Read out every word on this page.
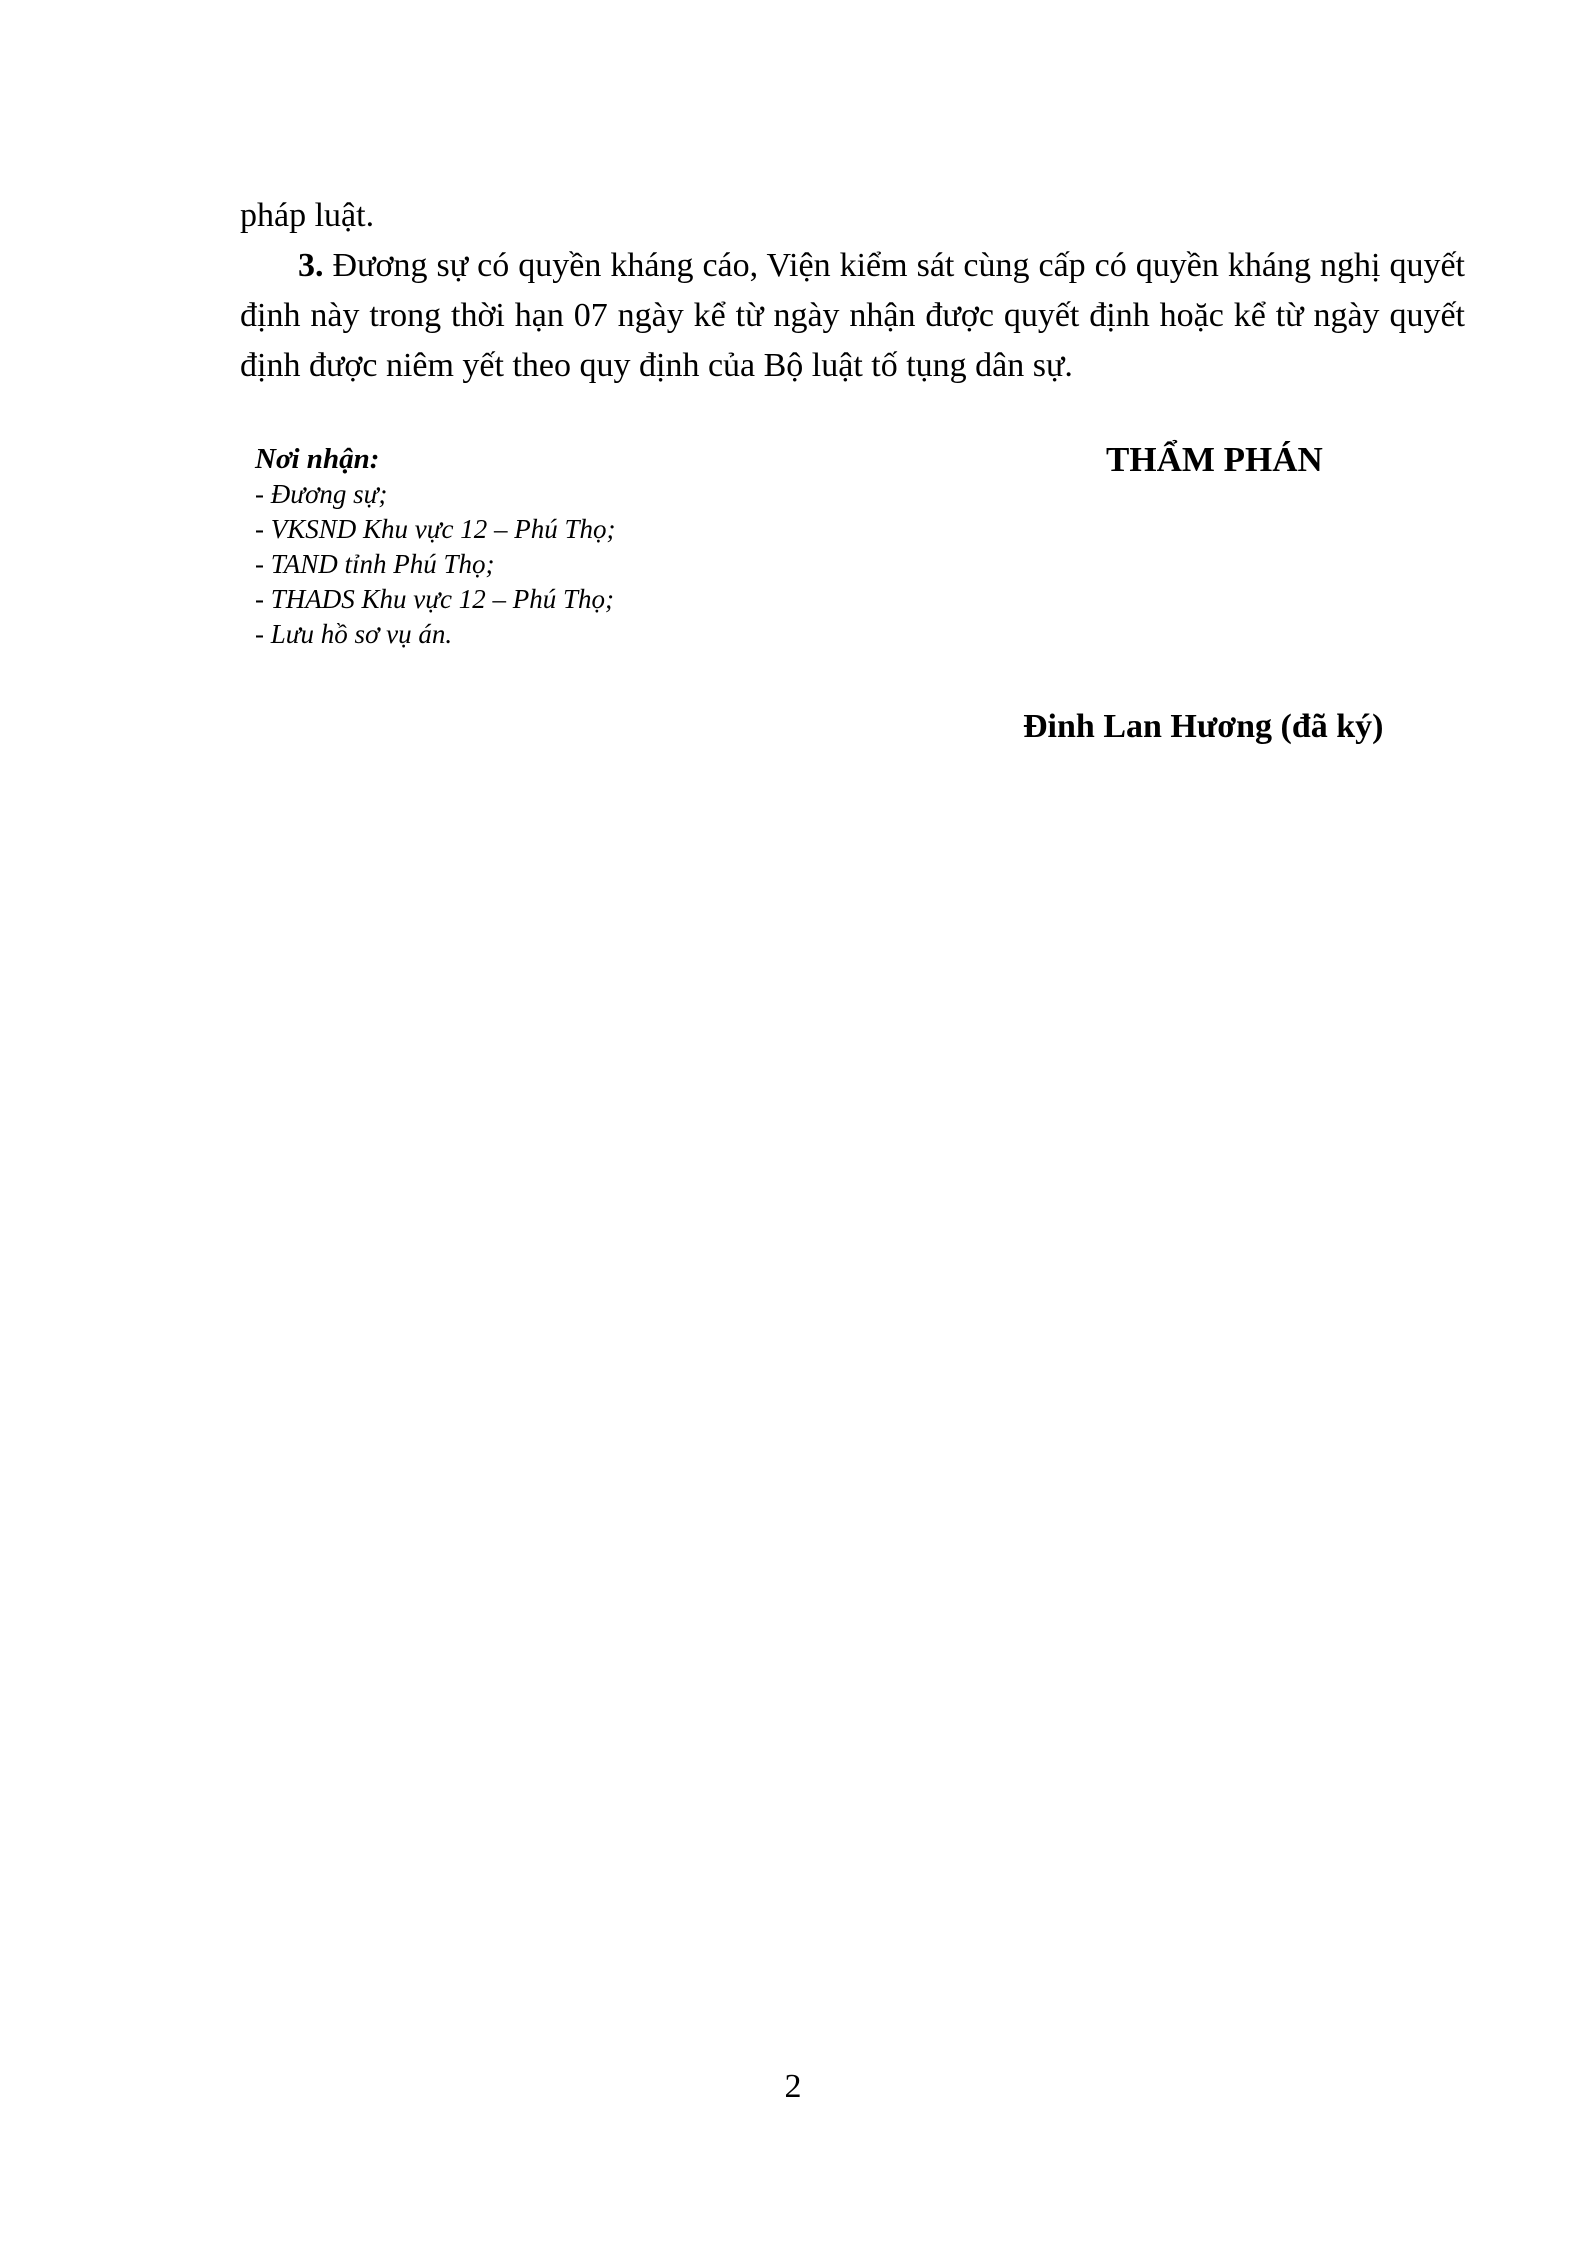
pháp luật.

3. Đương sự có quyền kháng cáo, Viện kiểm sát cùng cấp có quyền kháng nghị quyết định này trong thời hạn 07 ngày kể từ ngày nhận được quyết định hoặc kể từ ngày quyết định được niêm yết theo quy định của Bộ luật tố tụng dân sự.

Nơi nhận:

- Đương sự;
- VKSND Khu vực 12 – Phú Thọ;
- TAND tỉnh Phú Thọ;
- THADS Khu vực 12 – Phú Thọ;
- Lưu hồ sơ vụ án.

THẨM PHÁN

Đinh Lan Hương (đã ký)

2
